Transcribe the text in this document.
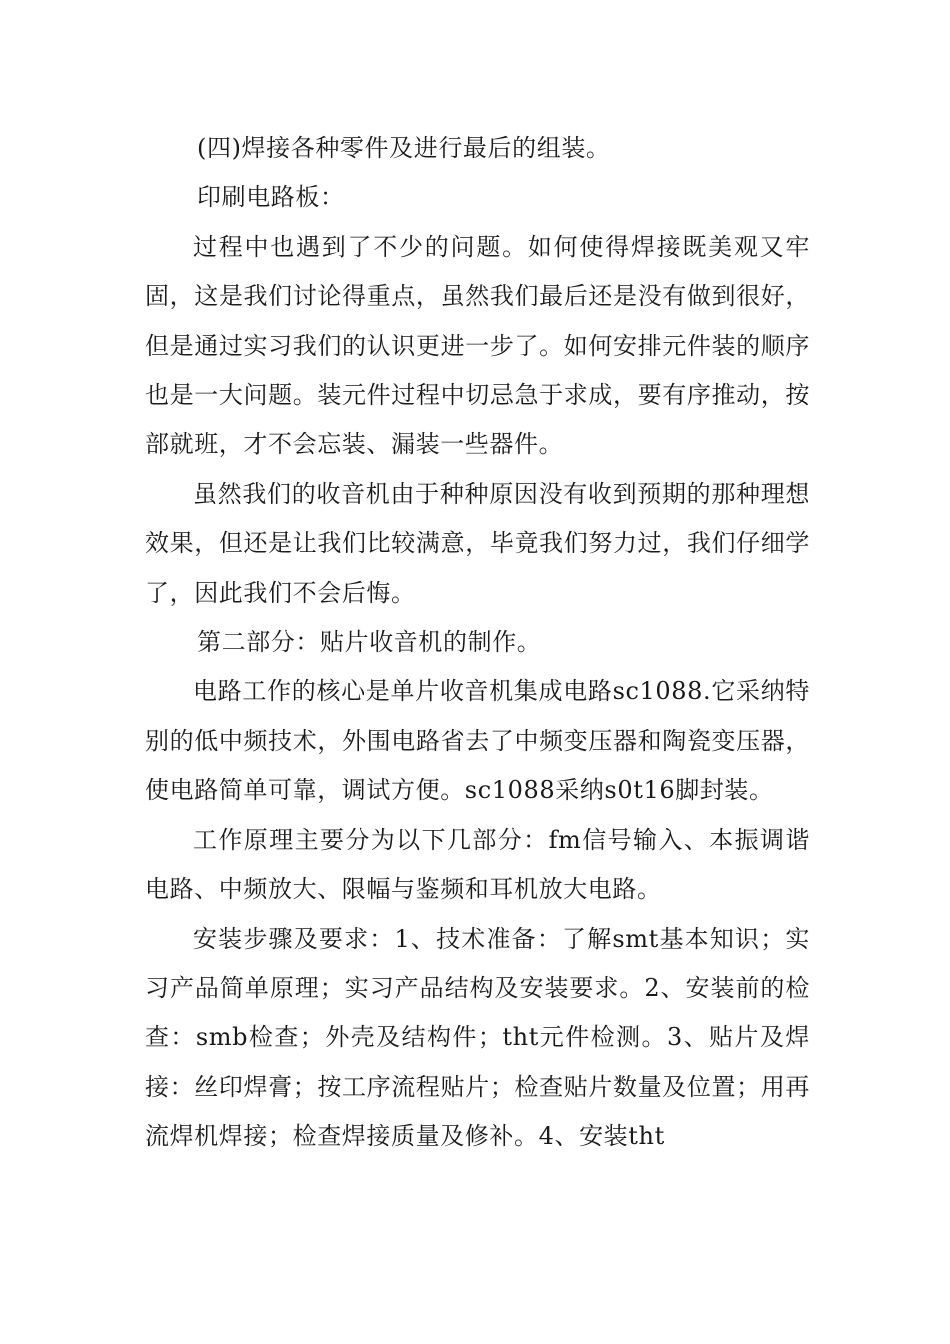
(四)焊接各种零件及进行最后的组装。

印刷电路板：

过程中也遇到了不少的问题。如何使得焊接既美观又牢固，这是我们讨论得重点，虽然我们最后还是没有做到很好，但是通过实习我们的认识更进一步了。如何安排元件装的顺序也是一大问题。装元件过程中切忌急于求成，要有序推动，按部就班，才不会忘装、漏装一些器件。

虽然我们的收音机由于种种原因没有收到预期的那种理想效果，但还是让我们比较满意，毕竟我们努力过，我们仔细学了，因此我们不会后悔。

第二部分：贴片收音机的制作。

电路工作的核心是单片收音机集成电路sc1088.它采纳特别的低中频技术，外围电路省去了中频变压器和陶瓷变压器，使电路简单可靠，调试方便。sc1088采纳s0t16脚封装。

工作原理主要分为以下几部分：fm信号输入、本振调谐电路、中频放大、限幅与鉴频和耳机放大电路。

安装步骤及要求：1、技术准备：了解smt基本知识；实习产品简单原理；实习产品结构及安装要求。2、安装前的检查：smb检查；外壳及结构件；tht元件检测。3、贴片及焊接：丝印焊膏；按工序流程贴片；检查贴片数量及位置；用再流焊机焊接；检查焊接质量及修补。4、安装tht
